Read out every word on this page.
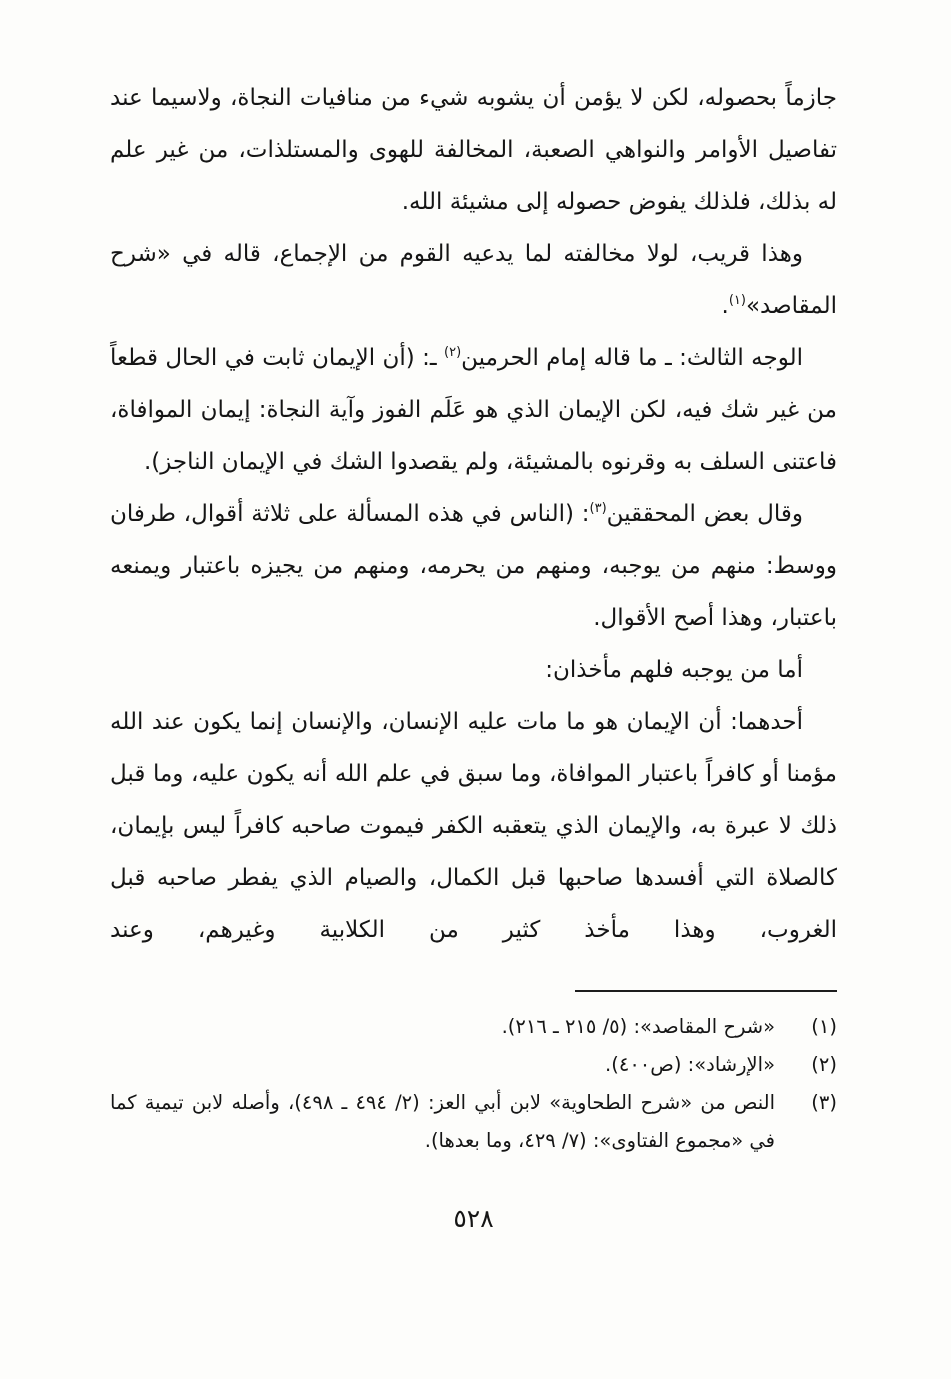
جازماً بحصوله، لكن لا يؤمن أن يشوبه شيء من منافيات النجاة، ولاسيما عند تفاصيل الأوامر والنواهي الصعبة، المخالفة للهوى والمستلذات، من غير علم له بذلك، فلذلك يفوض حصوله إلى مشيئة الله.

وهذا قريب، لولا مخالفته لما يدعيه القوم من الإجماع، قاله في «شرح المقاصد»$^{(١)}$.

الوجه الثالث: ـ ما قاله إمام الحرمين$^{(٢)}$ ـ: (أن الإيمان ثابت في الحال قطعاً من غير شك فيه، لكن الإيمان الذي هو عَلَم الفوز وآية النجاة: إيمان الموافاة، فاعتنى السلف به وقرنوه بالمشيئة، ولم يقصدوا الشك في الإيمان الناجز).

وقال بعض المحققين$^{(٣)}$: (الناس في هذه المسألة على ثلاثة أقوال، طرفان ووسط: منهم من يوجبه، ومنهم من يحرمه، ومنهم من يجيزه باعتبار ويمنعه باعتبار، وهذا أصح الأقوال.

أما من يوجبه فلهم مأخذان:

أحدهما: أن الإيمان هو ما مات عليه الإنسان، والإنسان إنما يكون عند الله مؤمنا أو كافراً باعتبار الموافاة، وما سبق في علم الله أنه يكون عليه، وما قبل ذلك لا عبرة به، والإيمان الذي يتعقبه الكفر فيموت صاحبه كافراً ليس بإيمان، كالصلاة التي أفسدها صاحبها قبل الكمال، والصيام الذي يفطر صاحبه قبل الغروب، وهذا مأخذ كثير من الكلابية وغيرهم، وعند

(١)
«شرح المقاصد»: (٥/ ٢١٥ ـ ٢١٦).
(٢)
«الإرشاد»: (ص٤٠٠).
(٣)
النص من «شرح الطحاوية» لابن أبي العز: (٢/ ٤٩٤ ـ ٤٩٨)، وأصله لابن تيمية كما في «مجموع الفتاوى»: (٧/ ٤٢٩، وما بعدها).
٥٢٨
